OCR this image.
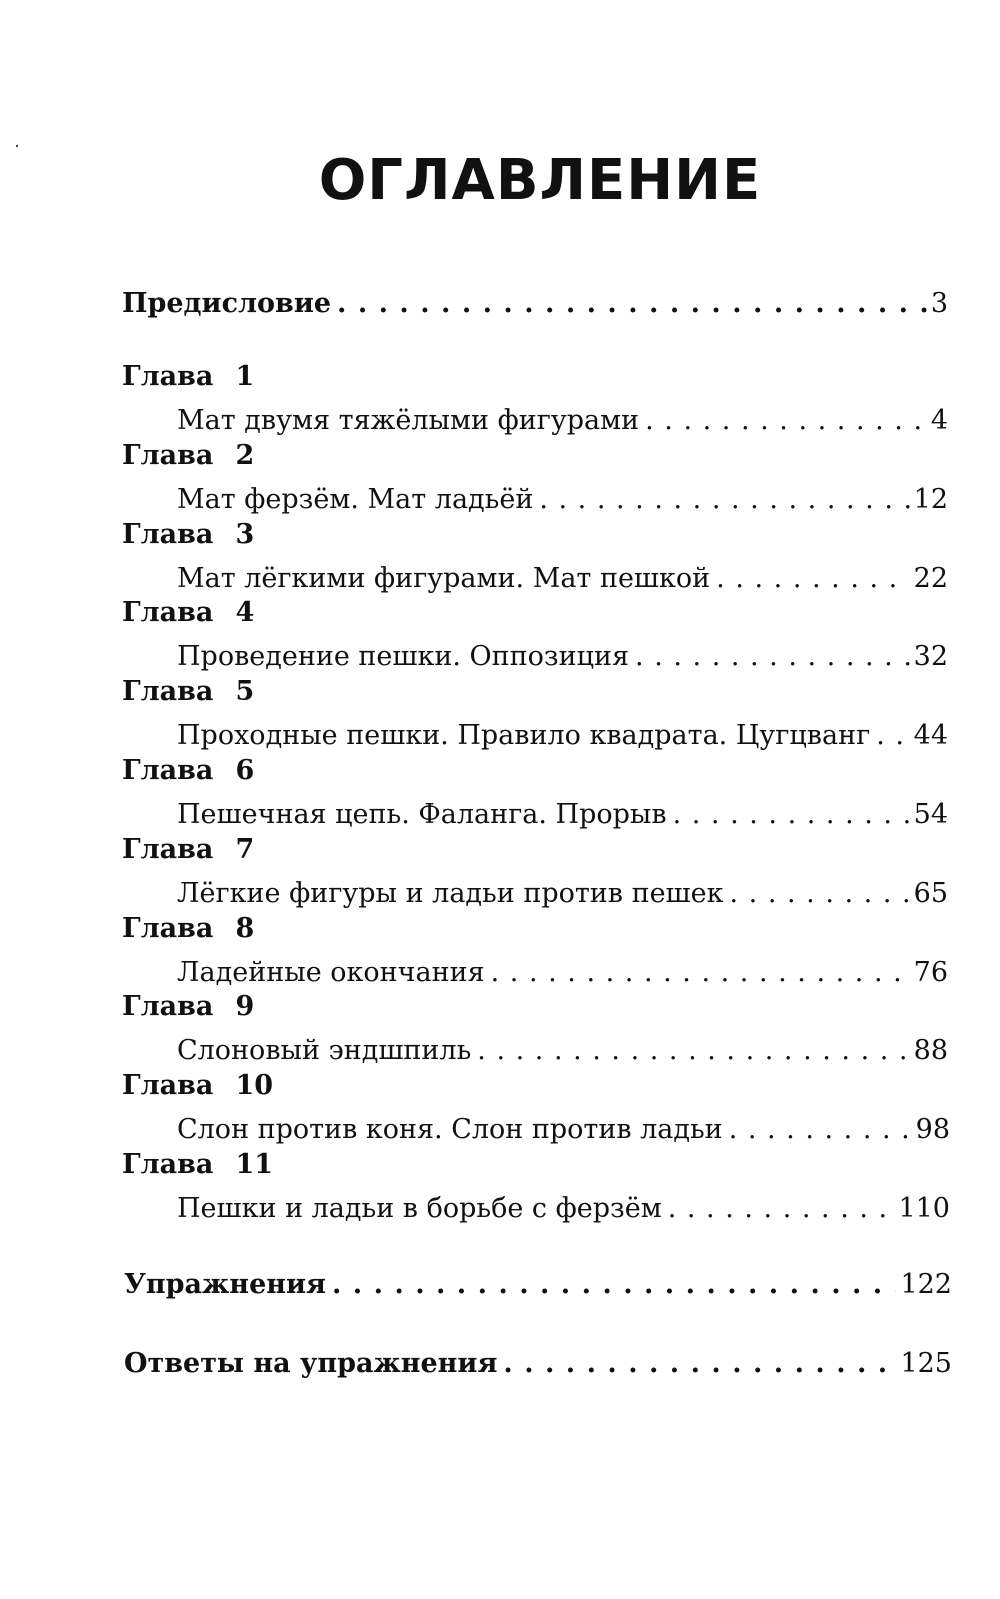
ОГЛАВЛЕНИЕ
Предисловие . . .	3
Глава 1
Мат двумя тяжёлыми фигурами . . .	4
Глава 2
Мат ферзём. Мат ладьёй . . .	12
Глава 3
Мат лёгкими фигурами. Мат пешкой . . .	22
Глава 4
Проведение пешки. Оппозиция . . .	32
Глава 5
Проходные пешки. Правило квадрата. Цугцванг . . . 44
Глава 6
Пешечная цепь. Фаланга. Прорыв . . .	54
Глава 7
Лёгкие фигуры и ладьи против пешек . . .	65
Глава 8
Ладейные окончания . . .	76
Глава 9
Слоновый эндшпиль . . .	88
Глава 10
Слон против коня. Слон против ладьи . . .	98
Глава 11
Пешки и ладьи в борьбе с ферзём . . .	110
Упражнения . . .	122
Ответы на упражнения . . .	125
